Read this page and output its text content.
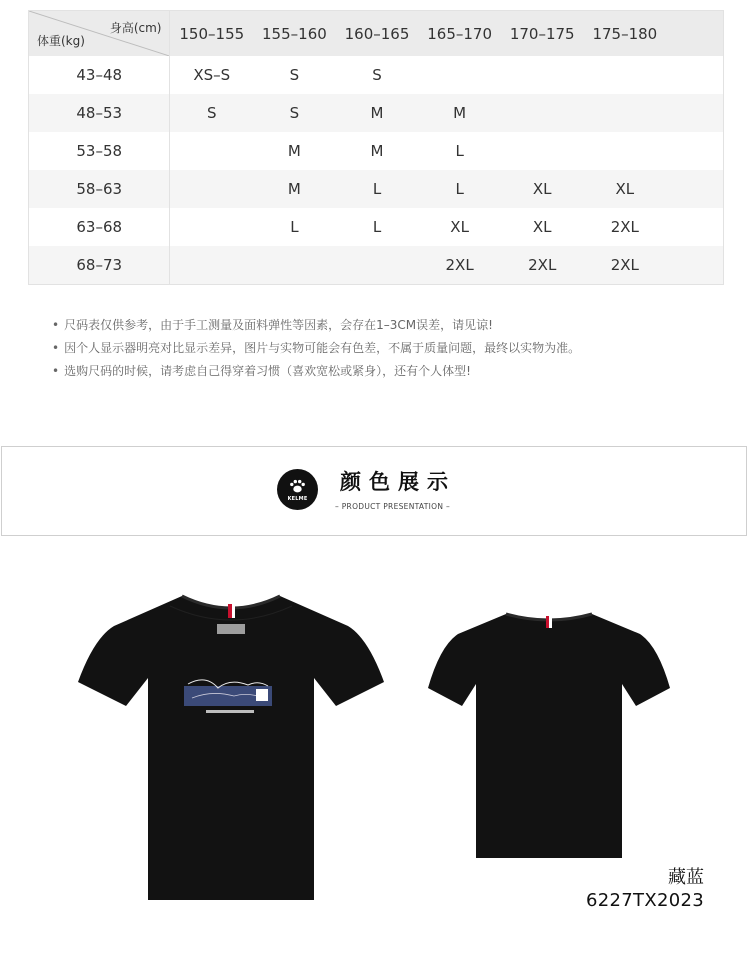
身高(cm)
体重(kg)	150–155	155–160	160–165	165–170	170–175	175–180	
43–48	XS–S	S	S				
48–53	S	S	M	M			
53–58		M	M	L			
58–63		M	L	L	XL	XL	
63–68		L	L	XL	XL	2XL	
68–73				2XL	2XL	2XL	
• 尺码表仅供参考，由于手工测量及面料弹性等因素，会存在1–3CM误差，请见谅!
• 因个人显示器明亮对比显示差异，图片与实物可能会有色差，不属于质量问题，最终以实物为准。
• 选购尺码的时候，请考虑自己得穿着习惯（喜欢宽松或紧身），还有个人体型!
KELME
颜色展示
– PRODUCT PRESENTATION –
藏蓝
6227TX2023
